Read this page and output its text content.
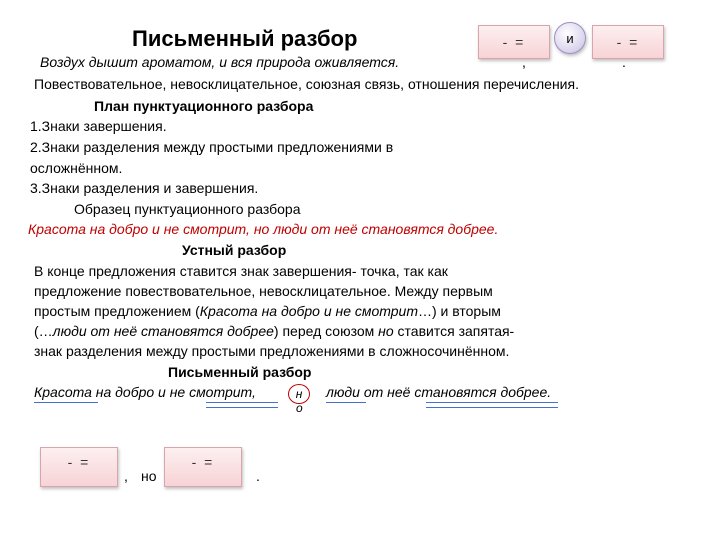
Письменный разбор	- =	и	- =
,	.
Воздух дышит ароматом, и вся природа оживляется.
Повествовательное, невосклицательное, союзная связь, отношения перечисления.
План пунктуационного разбора
1.Знаки завершения.
2.Знаки разделения между простыми предложениями в
осложнённом.
3.Знаки разделения и завершения.
Образец пунктуационного разбора
Красота на добро и не смотрит, но люди от неё становятся добрее.
Устный разбор
В конце предложения ставится знак завершения- точка, так как
предложение повествовательное, невосклицательное. Между первым
простым предложением (Красота на добро и не смотрит…) и вторым
(…люди от неё становятся добрее) перед союзом но ставится запятая-
знак разделения между простыми предложениями в сложносочинённом.
Письменный разбор
Красота на добро и не смотрит,	н
о
люди от неё становятся добрее.
- =
, но
- =
.
